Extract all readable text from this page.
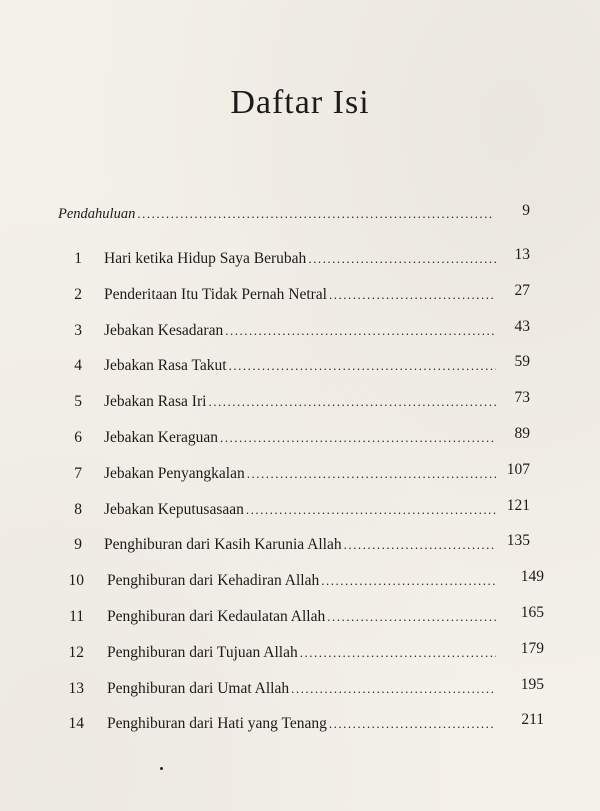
Daftar Isi
Pendahuluan .....	9
1 Hari ketika Hidup Saya Berubah .....	13
2 Penderitaan Itu Tidak Pernah Netral .....	27
3 Jebakan Kesadaran .....	43
4 Jebakan Rasa Takut .....	59
5 Jebakan Rasa Iri .....	73
6 Jebakan Keraguan .....	89
7 Jebakan Penyangkalan .....	107
8 Jebakan Keputusasaan .....	121
9 Penghiburan dari Kasih Karunia Allah .....	135
10 Penghiburan dari Kehadiran Allah .....	149
11 Penghiburan dari Kedaulatan Allah .....	165
12 Penghiburan dari Tujuan Allah .....	179
13 Penghiburan dari Umat Allah .....	195
14 Penghiburan dari Hati yang Tenang .....	211
